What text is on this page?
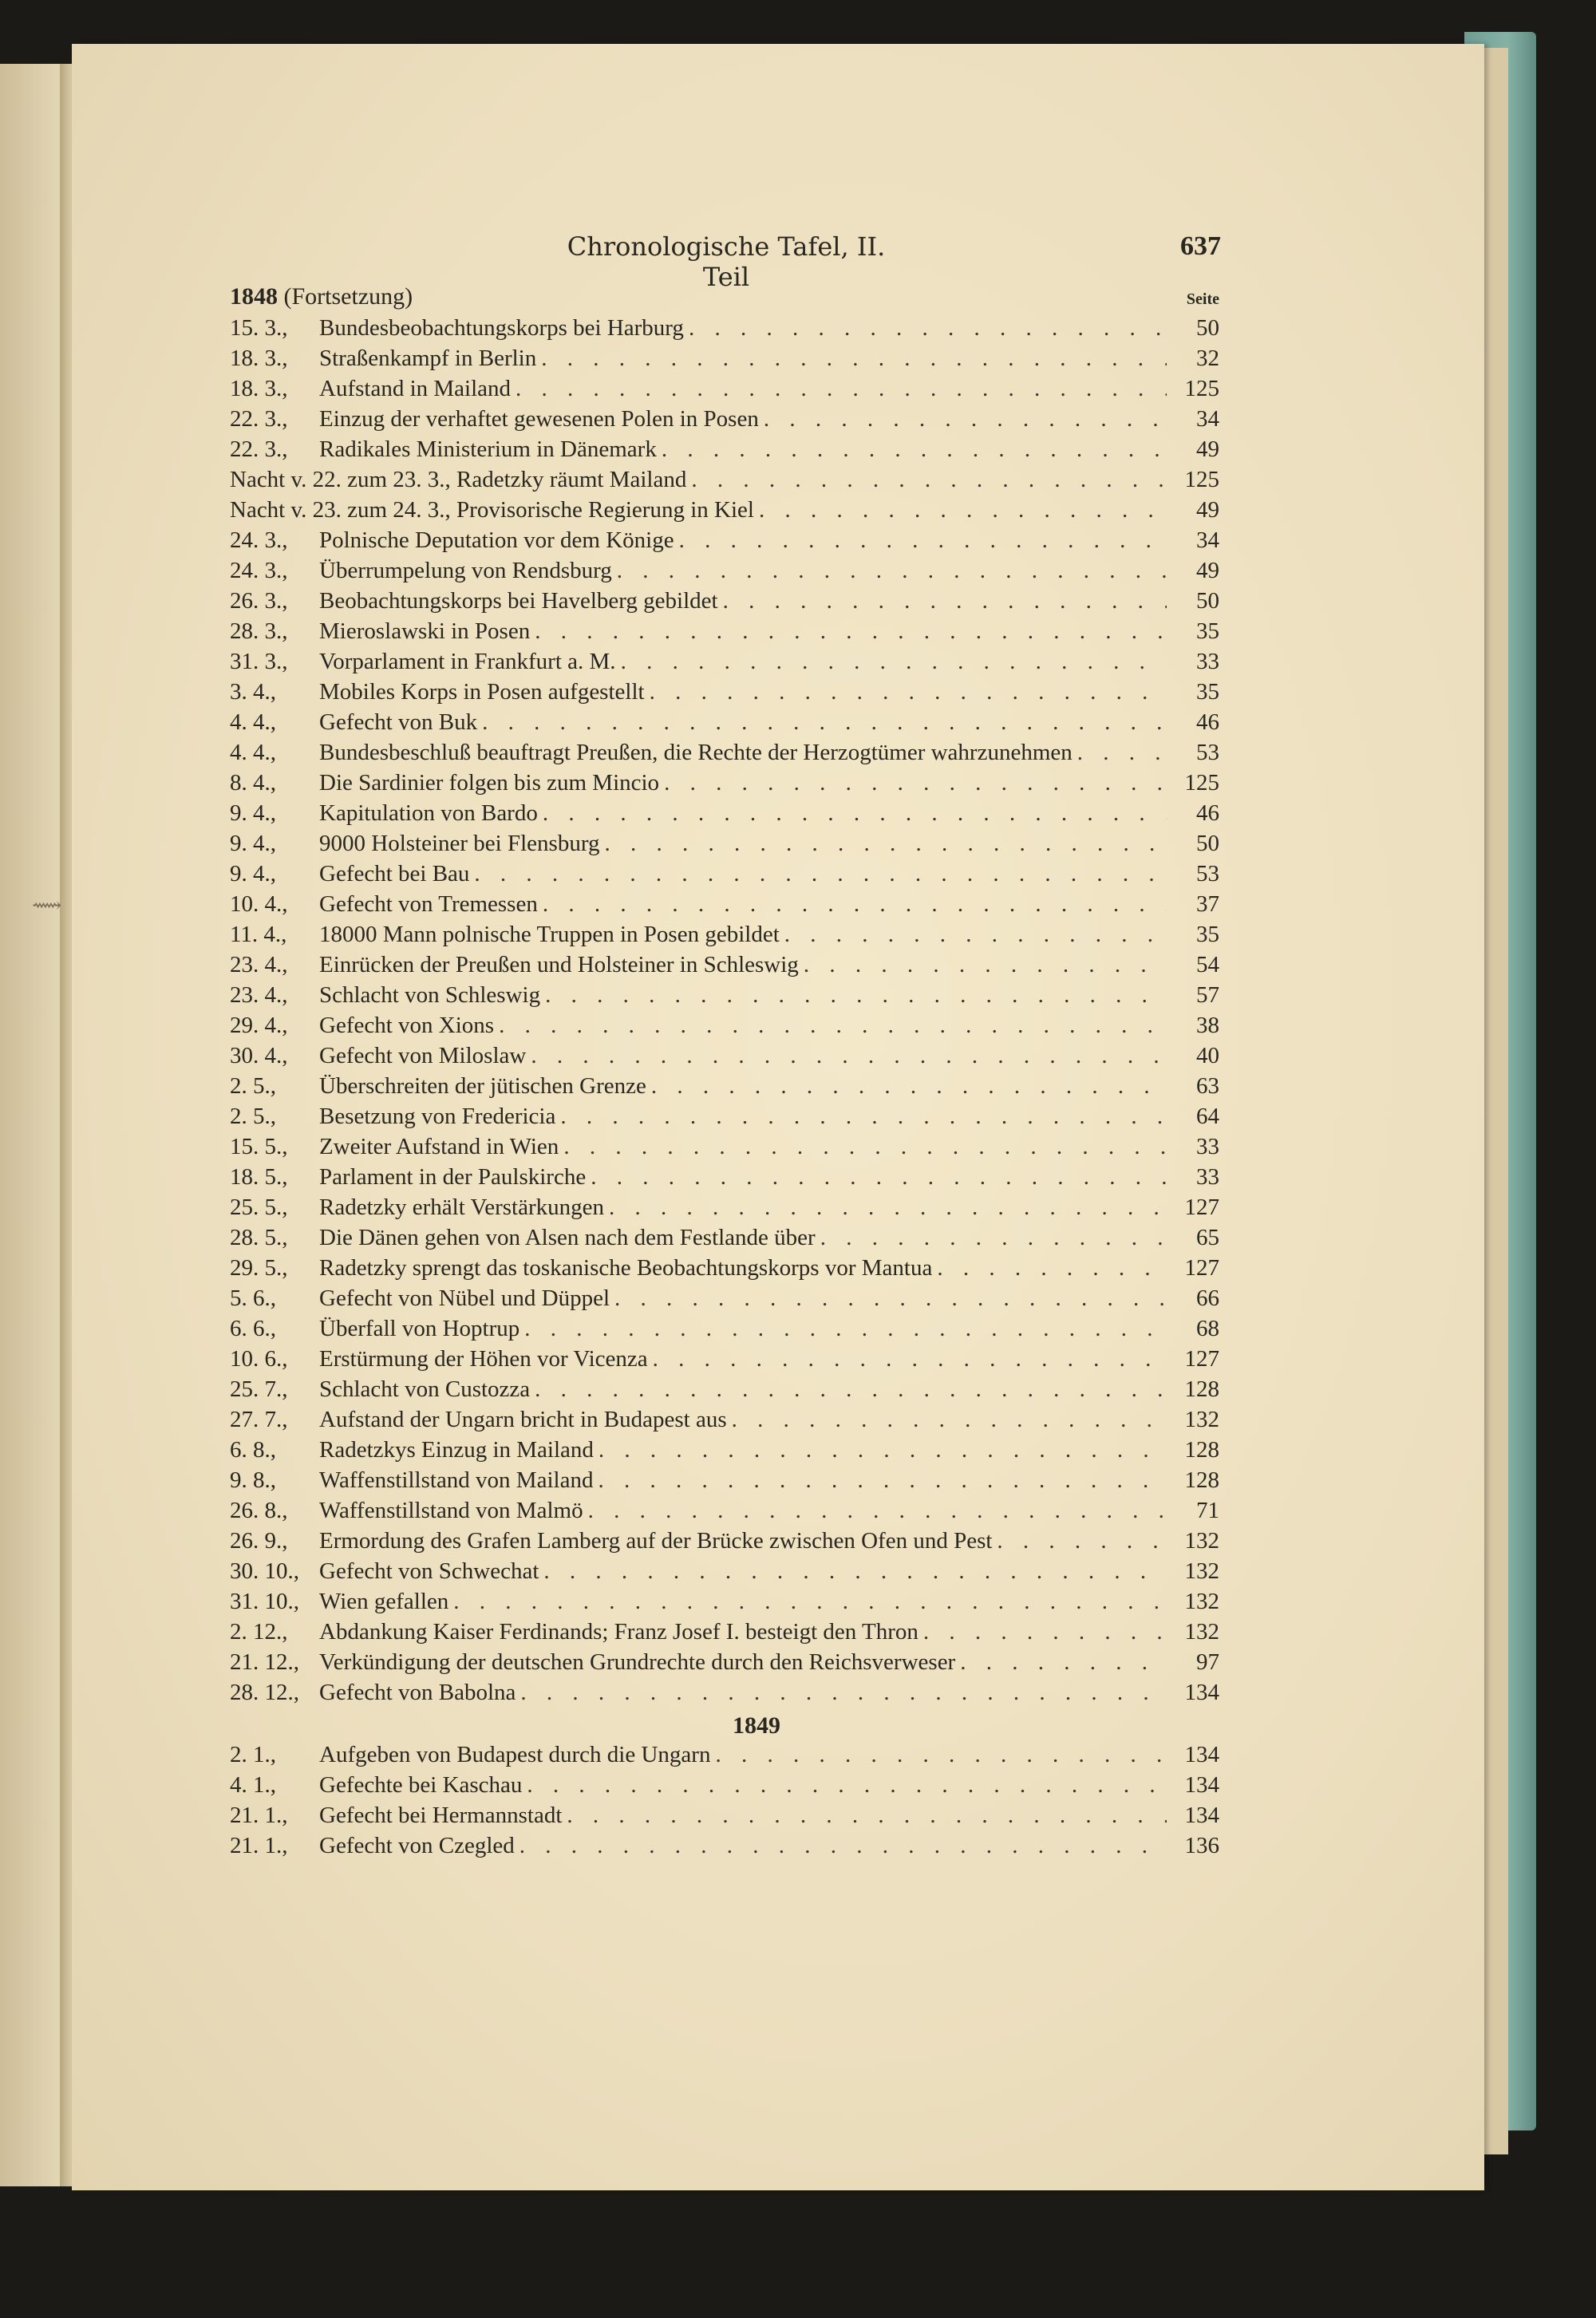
⟿
Chronologische Tafel, II. Teil
637
1848 (Fortsetzung)	Seite
15. 3.,	Bundesbeobachtungskorps bei Harburg . . .	50
18. 3.,	Straßenkampf in Berlin . . .	32
18. 3.,	Aufstand in Mailand . . .	125
22. 3.,	Einzug der verhaftet gewesenen Polen in Posen . . .	34
22. 3.,	Radikales Ministerium in Dänemark . . .	49
Nacht v. 22. zum 23. 3., Radetzky räumt Mailand . . .	125
Nacht v. 23. zum 24. 3., Provisorische Regierung in Kiel . . .	49
24. 3.,	Polnische Deputation vor dem Könige . . .	34
24. 3.,	Überrumpelung von Rendsburg . . .	49
26. 3.,	Beobachtungskorps bei Havelberg gebildet . . .	50
28. 3.,	Mieroslawski in Posen . . .	35
31. 3.,	Vorparlament in Frankfurt a. M. . . .	33
3. 4.,	Mobiles Korps in Posen aufgestellt . . .	35
4. 4.,	Gefecht von Buk . . .	46
4. 4.,	Bundesbeschluß beauftragt Preußen, die Rechte der Herzogtümer wahrzunehmen . . .	53
8. 4.,	Die Sardinier folgen bis zum Mincio . . .	125
9. 4.,	Kapitulation von Bardo . . .	46
9. 4.,	9000 Holsteiner bei Flensburg . . .	50
9. 4.,	Gefecht bei Bau . . .	53
10. 4.,	Gefecht von Tremessen . . .	37
11. 4.,	18000 Mann polnische Truppen in Posen gebildet . . .	35
23. 4.,	Einrücken der Preußen und Holsteiner in Schleswig . . .	54
23. 4.,	Schlacht von Schleswig . . .	57
29. 4.,	Gefecht von Xions . . .	38
30. 4.,	Gefecht von Miloslaw . . .	40
2. 5.,	Überschreiten der jütischen Grenze . . .	63
2. 5.,	Besetzung von Fredericia . . .	64
15. 5.,	Zweiter Aufstand in Wien . . .	33
18. 5.,	Parlament in der Paulskirche . . .	33
25. 5.,	Radetzky erhält Verstärkungen . . .	127
28. 5.,	Die Dänen gehen von Alsen nach dem Festlande über . . .	65
29. 5.,	Radetzky sprengt das toskanische Beobachtungskorps vor Mantua . . .	127
5. 6.,	Gefecht von Nübel und Düppel . . .	66
6. 6.,	Überfall von Hoptrup . . .	68
10. 6.,	Erstürmung der Höhen vor Vicenza . . .	127
25. 7.,	Schlacht von Custozza . . .	128
27. 7.,	Aufstand der Ungarn bricht in Budapest aus . . .	132
6. 8.,	Radetzkys Einzug in Mailand . . .	128
9. 8.,	Waffenstillstand von Mailand . . .	128
26. 8.,	Waffenstillstand von Malmö . . .	71
26. 9.,	Ermordung des Grafen Lamberg auf der Brücke zwischen Ofen und Pest . . .	132
30. 10., Gefecht von Schwechat . . .	132
31. 10., Wien gefallen . . .	132
2. 12.,	Abdankung Kaiser Ferdinands; Franz Josef I. besteigt den Thron . . .	132
21. 12., Verkündigung der deutschen Grundrechte durch den Reichsverweser . . .	97
28. 12., Gefecht von Babolna . . .	134
1849
2. 1.,	Aufgeben von Budapest durch die Ungarn . . .	134
4. 1.,	Gefechte bei Kaschau . . .	134
21. 1.,	Gefecht bei Hermannstadt . . .	134
21. 1.,	Gefecht von Czegled . . .	136
